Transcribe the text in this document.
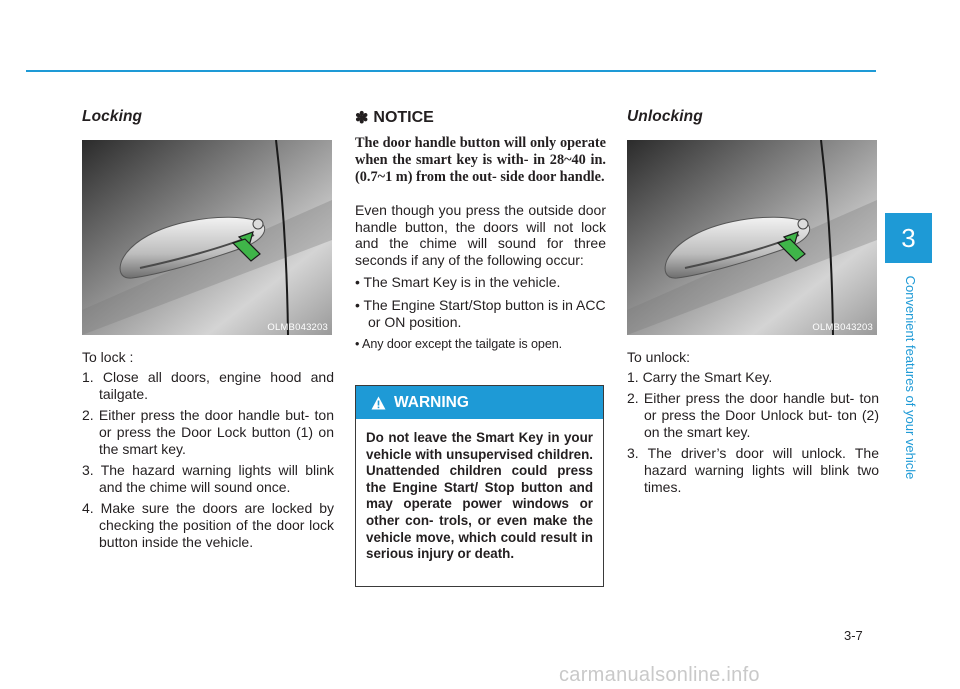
Locking
OLMB043203

To lock :

1. Close all doors, engine hood and tailgate.
2. Either press the door handle but- ton or press the Door Lock button (1) on the smart key.
3. The hazard warning lights will blink and the chime will sound once.
4. Make sure the doors are locked by checking the position of the door lock button inside the vehicle.
✽ NOTICE

The door handle button will only operate when the smart key is with- in 28~40 in. (0.7~1 m) from the out- side door handle.

Even though you press the outside door handle button, the doors will not lock and the chime will sound for three seconds if any of the following occur:

• The Smart Key is in the vehicle.
• The Engine Start/Stop button is in ACC or ON position.
• Any door except the tailgate is open.
WARNING
Do not leave the Smart Key in your vehicle with unsupervised children. Unattended children could press the Engine Start/ Stop button and may operate power windows or other con- trols, or even make the vehicle move, which could result in serious injury or death.
Unlocking
OLMB043203

To unlock:

1. Carry the Smart Key.
2. Either press the door handle but- ton or press the Door Unlock but- ton (2) on the smart key.
3. The driver’s door will unlock. The hazard warning lights will blink two times.
3
Convenient features of your vehicle
3-7
carmanualsonline.info
